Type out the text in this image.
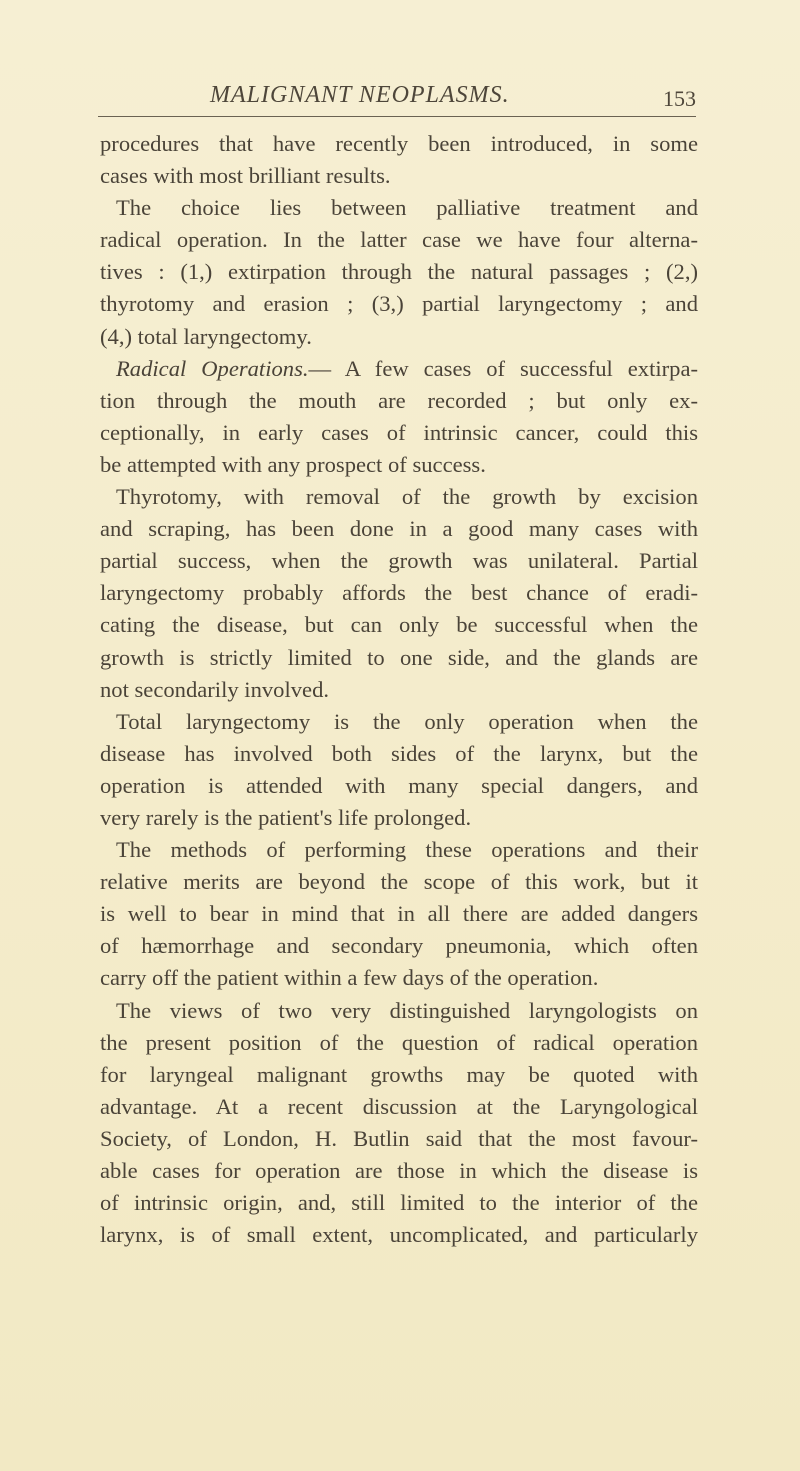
MALIGNANT NEOPLASMS.	153
procedures that have recently been introduced, in some
cases with most brilliant results.
The choice lies between palliative treatment and
radical operation. In the latter case we have four alterna-
tives : (1,) extirpation through the natural passages ; (2,)
thyrotomy and erasion ; (3,) partial laryngectomy ; and
(4,) total laryngectomy.
Radical Operations.— A few cases of successful extirpa-
tion through the mouth are recorded ; but only ex-
ceptionally, in early cases of intrinsic cancer, could this
be attempted with any prospect of success.
Thyrotomy, with removal of the growth by excision
and scraping, has been done in a good many cases with
partial success, when the growth was unilateral. Partial
laryngectomy probably affords the best chance of eradi-
cating the disease, but can only be successful when the
growth is strictly limited to one side, and the glands are
not secondarily involved.
Total laryngectomy is the only operation when the
disease has involved both sides of the larynx, but the
operation is attended with many special dangers, and
very rarely is the patient's life prolonged.
The methods of performing these operations and their
relative merits are beyond the scope of this work, but it
is well to bear in mind that in all there are added dangers
of hæmorrhage and secondary pneumonia, which often
carry off the patient within a few days of the operation.
The views of two very distinguished laryngologists on
the present position of the question of radical operation
for laryngeal malignant growths may be quoted with
advantage. At a recent discussion at the Laryngological
Society, of London, H. Butlin said that the most favour-
able cases for operation are those in which the disease is
of intrinsic origin, and, still limited to the interior of the
larynx, is of small extent, uncomplicated, and particularly
